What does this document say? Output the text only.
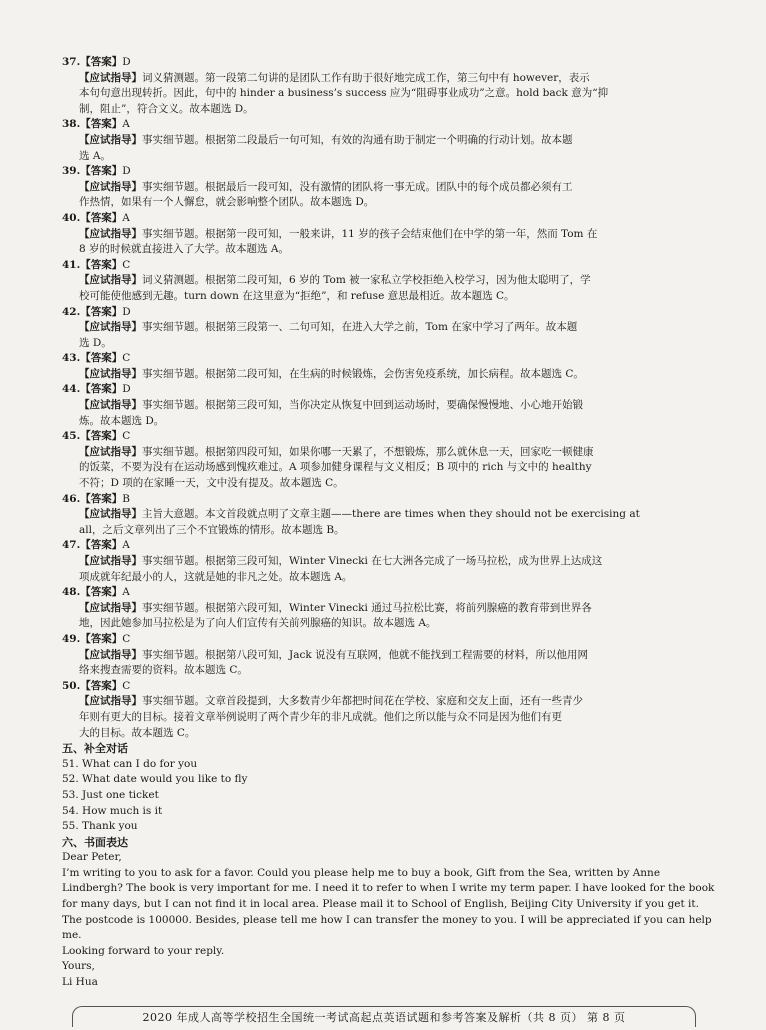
37.【答案】D
【应试指导】词义猜测题。第一段第二句讲的是团队工作有助于很好地完成工作，第三句中有 however，表示
本句句意出现转折。因此，句中的 hinder a business’s success 应为“阻碍事业成功”之意。hold back 意为“抑
制，阻止”，符合文义。故本题选 D。
38.【答案】A
【应试指导】事实细节题。根据第二段最后一句可知，有效的沟通有助于制定一个明确的行动计划。故本题
选 A。
39.【答案】D
【应试指导】事实细节题。根据最后一段可知，没有激情的团队将一事无成。团队中的每个成员都必须有工
作热情，如果有一个人懈怠，就会影响整个团队。故本题选 D。
40.【答案】A
【应试指导】事实细节题。根据第一段可知，一般来讲，11 岁的孩子会结束他们在中学的第一年，然而 Tom 在
8 岁的时候就直接进入了大学。故本题选 A。
41.【答案】C
【应试指导】词义猜测题。根据第二段可知，6 岁的 Tom 被一家私立学校拒绝入校学习，因为他太聪明了，学
校可能使他感到无趣。turn down 在这里意为“拒绝”，和 refuse 意思最相近。故本题选 C。
42.【答案】D
【应试指导】事实细节题。根据第三段第一、二句可知，在进入大学之前，Tom 在家中学习了两年。故本题
选 D。
43.【答案】C
【应试指导】事实细节题。根据第二段可知，在生病的时候锻炼，会伤害免疫系统，加长病程。故本题选 C。
44.【答案】D
【应试指导】事实细节题。根据第三段可知，当你决定从恢复中回到运动场时，要确保慢慢地、小心地开始锻
炼。故本题选 D。
45.【答案】C
【应试指导】事实细节题。根据第四段可知，如果你哪一天累了，不想锻炼，那么就休息一天，回家吃一顿健康
的饭菜，不要为没有在运动场感到愧疚难过。A 项参加健身课程与文义相反；B 项中的 rich 与文中的 healthy
不符；D 项的在家睡一天，文中没有提及。故本题选 C。
46.【答案】B
【应试指导】主旨大意题。本文首段就点明了文章主题——there are times when they should not be exercising at
all，之后文章列出了三个不宜锻炼的情形。故本题选 B。
47.【答案】A
【应试指导】事实细节题。根据第三段可知，Winter Vinecki 在七大洲各完成了一场马拉松，成为世界上达成这
项成就年纪最小的人，这就是她的非凡之处。故本题选 A。
48.【答案】A
【应试指导】事实细节题。根据第六段可知，Winter Vinecki 通过马拉松比赛，将前列腺癌的教育带到世界各
地，因此她参加马拉松是为了向人们宣传有关前列腺癌的知识。故本题选 A。
49.【答案】C
【应试指导】事实细节题。根据第八段可知，Jack 说没有互联网，他就不能找到工程需要的材料，所以他用网
络来搜查需要的资料。故本题选 C。
50.【答案】C
【应试指导】事实细节题。文章首段提到，大多数青少年都把时间花在学校、家庭和交友上面，还有一些青少
年则有更大的目标。接着文章举例说明了两个青少年的非凡成就。他们之所以能与众不同是因为他们有更
大的目标。故本题选 C。
五、补全对话
51. What can I do for you
52. What date would you like to fly
53. Just one ticket
54. How much is it
55. Thank you
六、书面表达
Dear Peter,
I’m writing to you to ask for a favor. Could you please help me to buy a book, Gift from the Sea, written by Anne
Lindbergh? The book is very important for me. I need it to refer to when I write my term paper. I have looked for the book
for many days, but I can not find it in local area. Please mail it to School of English, Beijing City University if you get it.
The postcode is 100000. Besides, please tell me how I can transfer the money to you. I will be appreciated if you can help
me.
Looking forward to your reply.
Yours,
Li Hua
2020 年成人高等学校招生全国统一考试高起点英语试题和参考答案及解析（共 8 页） 第 8 页
